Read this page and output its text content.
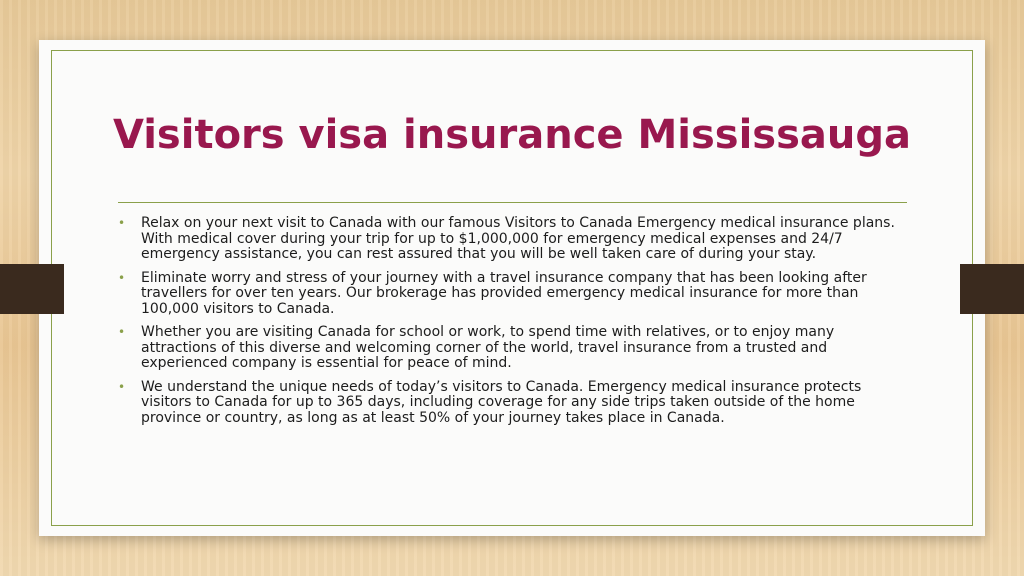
Visitors visa insurance Mississauga
• Relax on your next visit to Canada with our famous Visitors to Canada Emergency medical insurance plans. With medical cover during your trip for up to $1,000,000 for emergency medical expenses and 24/7 emergency assistance, you can rest assured that you will be well taken care of during your stay.
• Eliminate worry and stress of your journey with a travel insurance company that has been looking after travellers for over ten years. Our brokerage has provided emergency medical insurance for more than 100,000 visitors to Canada.
• Whether you are visiting Canada for school or work, to spend time with relatives, or to enjoy many attractions of this diverse and welcoming corner of the world, travel insurance from a trusted and experienced company is essential for peace of mind.
• We understand the unique needs of today’s visitors to Canada. Emergency medical insurance protects visitors to Canada for up to 365 days, including coverage for any side trips taken outside of the home province or country, as long as at least 50% of your journey takes place in Canada.
